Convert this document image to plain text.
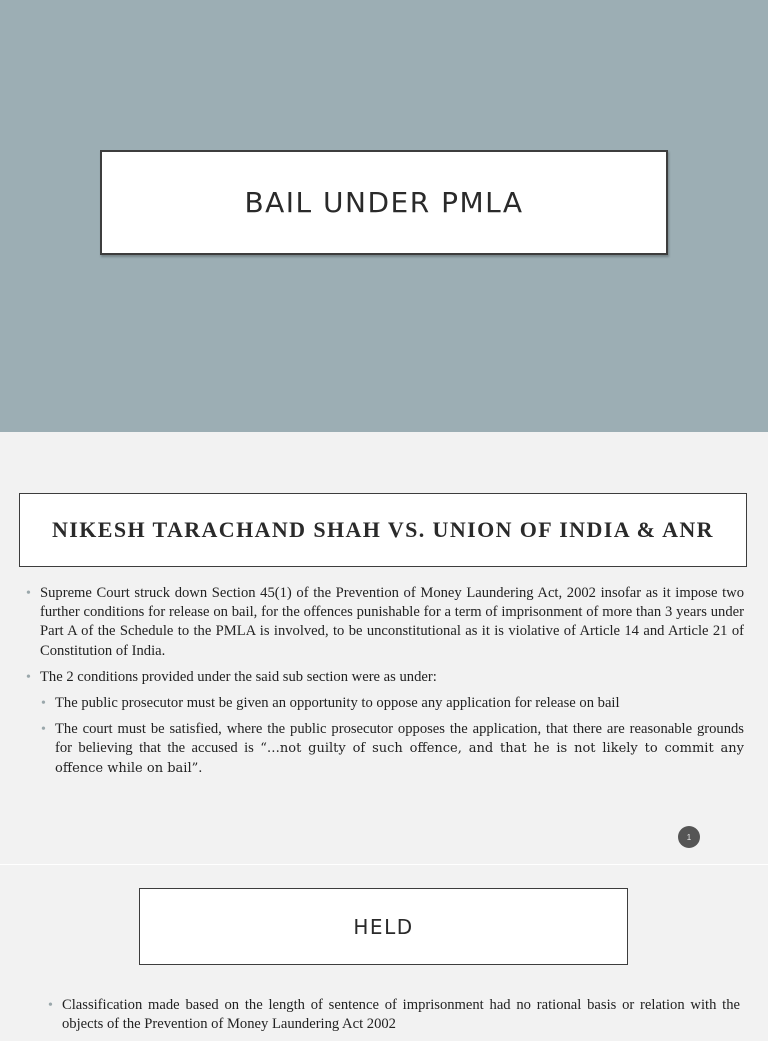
BAIL UNDER PMLA
NIKESH TARACHAND SHAH VS. UNION OF INDIA & ANR
• Supreme Court struck down Section 45(1) of the Prevention of Money Laundering Act, 2002 insofar as it impose two further conditions for release on bail, for the offences punishable for a term of imprisonment of more than 3 years under Part A of the Schedule to the PMLA is involved, to be unconstitutional as it is violative of Article 14 and Article 21 of Constitution of India.
• The 2 conditions provided under the said sub section were as under:
• The public prosecutor must be given an opportunity to oppose any application for release on bail
• The court must be satisfied, where the public prosecutor opposes the application, that there are reasonable grounds for believing that the accused is “…not guilty of such offence, and that he is not likely to commit any offence while on bail”.
1
HELD
• Classification made based on the length of sentence of imprisonment had no rational basis or relation with the objects of the Prevention of Money Laundering Act 2002
